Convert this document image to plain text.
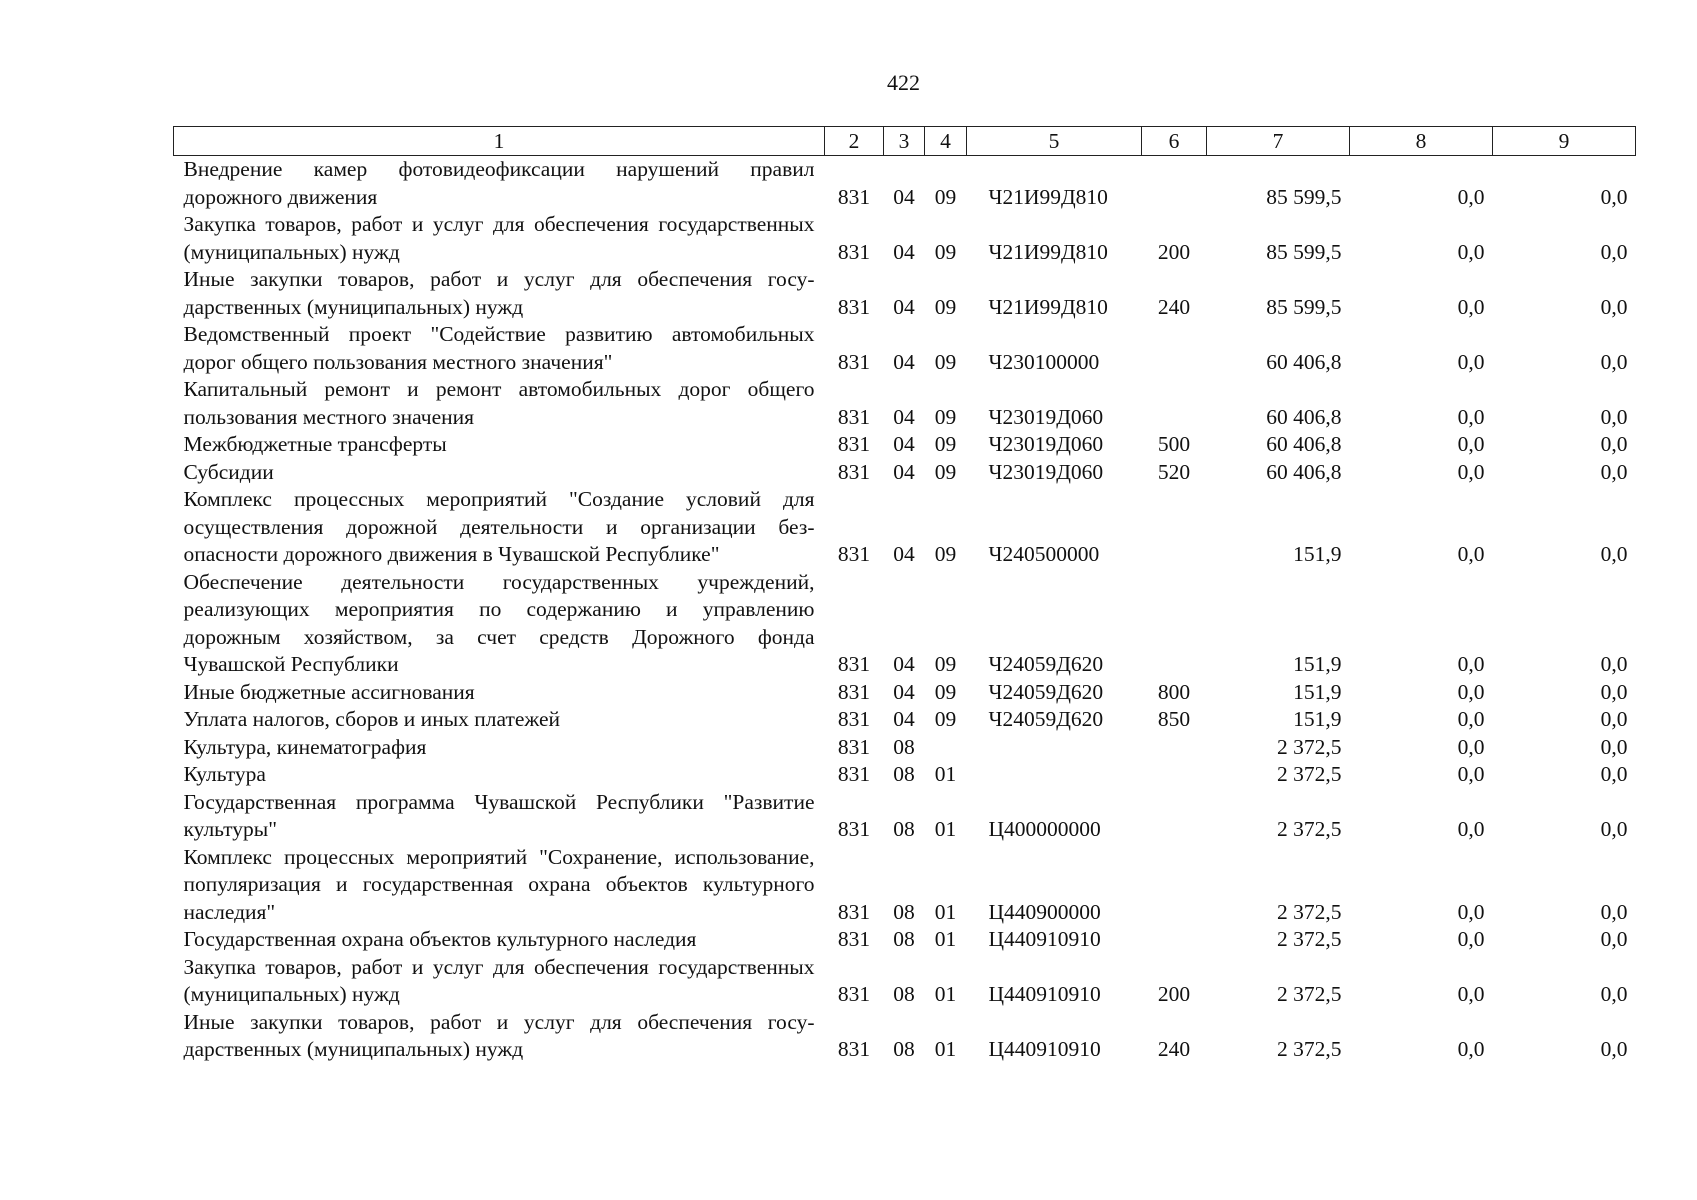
422
1	2	3	4	5	6	7	8	9
Внедрение камер фотовидеофиксации нарушений правил дорожного движения	831	04	09	Ч21И99Д810		85 599,5	0,0	0,0
Закупка товаров, работ и услуг для обеспечения государственных (муниципальных) нужд	831	04	09	Ч21И99Д810	200	85 599,5	0,0	0,0
Иные закупки товаров, работ и услуг для обеспечения государственных (муниципальных) нужд	831	04	09	Ч21И99Д810	240	85 599,5	0,0	0,0
Ведомственный проект "Содействие развитию автомобильных дорог общего пользования местного значения"	831	04	09	Ч230100000		60 406,8	0,0	0,0
Капитальный ремонт и ремонт автомобильных дорог общего пользования местного значения	831	04	09	Ч23019Д060		60 406,8	0,0	0,0
Межбюджетные трансферты	831	04	09	Ч23019Д060	500	60 406,8	0,0	0,0
Субсидии	831	04	09	Ч23019Д060	520	60 406,8	0,0	0,0
Комплекс процессных мероприятий "Создание условий для осуществления дорожной деятельности и организации безопасности дорожного движения в Чувашской Республике"	831	04	09	Ч240500000		151,9	0,0	0,0
Обеспечение деятельности государственных учреждений, реализующих мероприятия по содержанию и управлению дорожным хозяйством, за счет средств Дорожного фонда Чувашской Республики	831	04	09	Ч24059Д620		151,9	0,0	0,0
Иные бюджетные ассигнования	831	04	09	Ч24059Д620	800	151,9	0,0	0,0
Уплата налогов, сборов и иных платежей	831	04	09	Ч24059Д620	850	151,9	0,0	0,0
Культура, кинематография	831	08				2 372,5	0,0	0,0
Культура	831	08	01			2 372,5	0,0	0,0
Государственная программа Чувашской Республики "Развитие культуры"	831	08	01	Ц400000000		2 372,5	0,0	0,0
Комплекс процессных мероприятий "Сохранение, использование, популяризация и государственная охрана объектов культурного наследия"	831	08	01	Ц440900000		2 372,5	0,0	0,0
Государственная охрана объектов культурного наследия	831	08	01	Ц440910910		2 372,5	0,0	0,0
Закупка товаров, работ и услуг для обеспечения государственных (муниципальных) нужд	831	08	01	Ц440910910	200	2 372,5	0,0	0,0
Иные закупки товаров, работ и услуг для обеспечения государственных (муниципальных) нужд	831	08	01	Ц440910910	240	2 372,5	0,0	0,0
